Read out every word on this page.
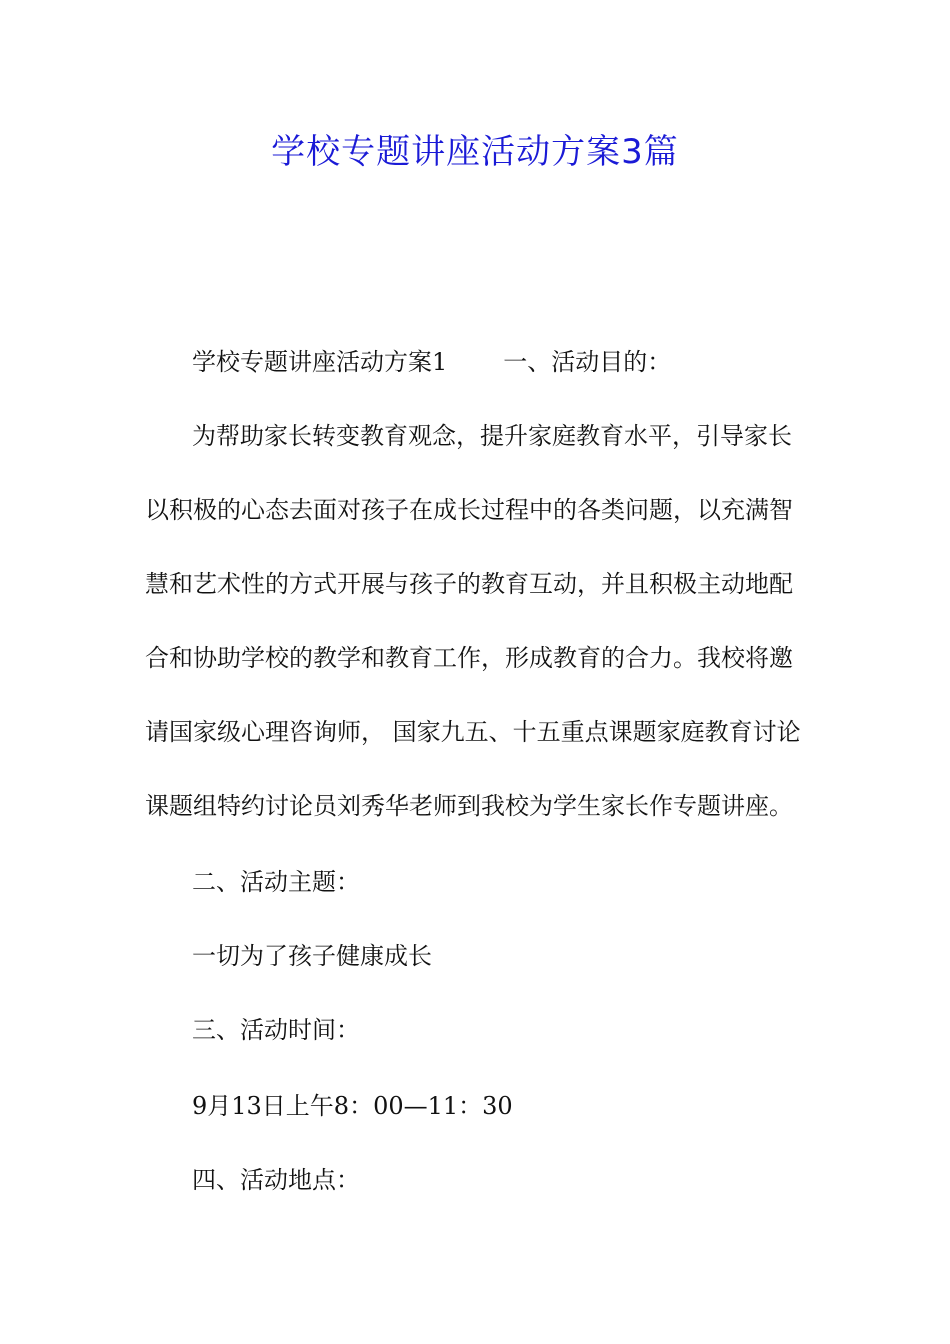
学校专题讲座活动方案3篇

学校专题讲座活动方案1 一、活动目的：

为帮助家长转变教育观念，提升家庭教育水平，引导家长

以积极的心态去面对孩子在成长过程中的各类问题，以充满智

慧和艺术性的方式开展与孩子的教育互动，并且积极主动地配

合和协助学校的教学和教育工作，形成教育的合力。我校将邀

请国家级心理咨询师， 国家九五、十五重点课题家庭教育讨论

课题组特约讨论员刘秀华老师到我校为学生家长作专题讲座。

二、活动主题：

一切为了孩子健康成长

三、活动时间：

9月13日上午8：00—11：30

四、活动地点：
